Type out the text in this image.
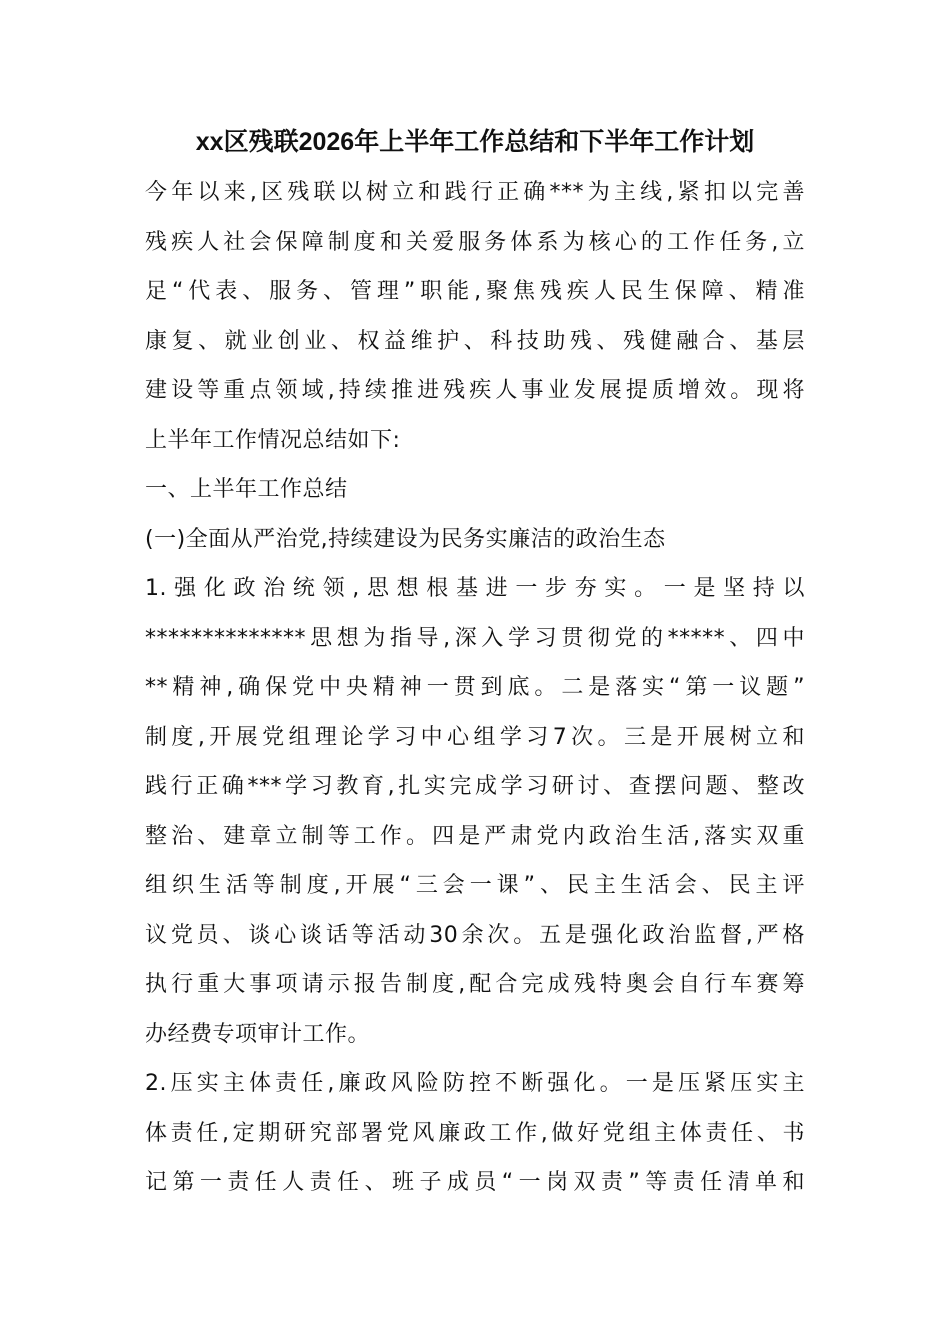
xx区残联2026年上半年工作总结和下半年工作计划
今年以来,区残联以树立和践行正确***为主线,紧扣以完善
残疾人社会保障制度和关爱服务体系为核心的工作任务,立
足“代表、服务、管理”职能,聚焦残疾人民生保障、精准
康复、就业创业、权益维护、科技助残、残健融合、基层
建设等重点领域,持续推进残疾人事业发展提质增效。现将
上半年工作情况总结如下:
一、上半年工作总结
(一)全面从严治党,持续建设为民务实廉洁的政治生态
1.强化政治统领,思想根基进一步夯实。一是坚持以
**************思想为指导,深入学习贯彻党的*****、四中
**精神,确保党中央精神一贯到底。二是落实“第一议题”
制度,开展党组理论学习中心组学习7次。三是开展树立和
践行正确***学习教育,扎实完成学习研讨、查摆问题、整改
整治、建章立制等工作。四是严肃党内政治生活,落实双重
组织生活等制度,开展“三会一课”、民主生活会、民主评
议党员、谈心谈话等活动30余次。五是强化政治监督,严格
执行重大事项请示报告制度,配合完成残特奥会自行车赛筹
办经费专项审计工作。
2.压实主体责任,廉政风险防控不断强化。一是压紧压实主
体责任,定期研究部署党风廉政工作,做好党组主体责任、书
记第一责任人责任、班子成员“一岗双责”等责任清单和
